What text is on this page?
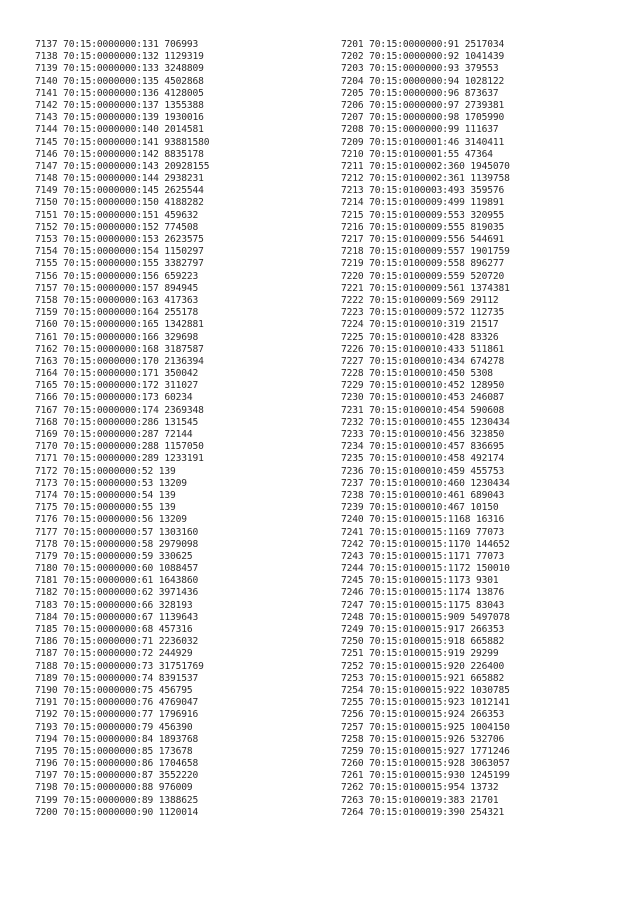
7137 70:15:0000000:131 706993
7138 70:15:0000000:132 1129319
7139 70:15:0000000:133 3248809
7140 70:15:0000000:135 4502868
7141 70:15:0000000:136 4128005
7142 70:15:0000000:137 1355388
7143 70:15:0000000:139 1930016
7144 70:15:0000000:140 2014581
7145 70:15:0000000:141 93881580
7146 70:15:0000000:142 8835178
7147 70:15:0000000:143 20928155
7148 70:15:0000000:144 2938231
7149 70:15:0000000:145 2625544
7150 70:15:0000000:150 4188282
7151 70:15:0000000:151 459632
7152 70:15:0000000:152 774508
7153 70:15:0000000:153 2623575
7154 70:15:0000000:154 1150297
7155 70:15:0000000:155 3382797
7156 70:15:0000000:156 659223
7157 70:15:0000000:157 894945
7158 70:15:0000000:163 417363
7159 70:15:0000000:164 255178
7160 70:15:0000000:165 1342881
7161 70:15:0000000:166 329698
7162 70:15:0000000:168 3187587
7163 70:15:0000000:170 2136394
7164 70:15:0000000:171 350042
7165 70:15:0000000:172 311027
7166 70:15:0000000:173 60234
7167 70:15:0000000:174 2369348
7168 70:15:0000000:286 131545
7169 70:15:0000000:287 72144
7170 70:15:0000000:288 1157050
7171 70:15:0000000:289 1233191
7172 70:15:0000000:52 139
7173 70:15:0000000:53 13209
7174 70:15:0000000:54 139
7175 70:15:0000000:55 139
7176 70:15:0000000:56 13209
7177 70:15:0000000:57 1303160
7178 70:15:0000000:58 2979098
7179 70:15:0000000:59 330625
7180 70:15:0000000:60 1088457
7181 70:15:0000000:61 1643860
7182 70:15:0000000:62 3971436
7183 70:15:0000000:66 328193
7184 70:15:0000000:67 1139643
7185 70:15:0000000:68 457316
7186 70:15:0000000:71 2236032
7187 70:15:0000000:72 244929
7188 70:15:0000000:73 31751769
7189 70:15:0000000:74 8391537
7190 70:15:0000000:75 456795
7191 70:15:0000000:76 4769047
7192 70:15:0000000:77 1796916
7193 70:15:0000000:79 456390
7194 70:15:0000000:84 1893768
7195 70:15:0000000:85 173678
7196 70:15:0000000:86 1704658
7197 70:15:0000000:87 3552220
7198 70:15:0000000:88 976009
7199 70:15:0000000:89 1388625
7200 70:15:0000000:90 1120014
7201 70:15:0000000:91 2517034
7202 70:15:0000000:92 1041439
7203 70:15:0000000:93 379553
7204 70:15:0000000:94 1028122
7205 70:15:0000000:96 873637
7206 70:15:0000000:97 2739381
7207 70:15:0000000:98 1705990
7208 70:15:0000000:99 111637
7209 70:15:0100001:46 3140411
7210 70:15:0100001:55 47364
7211 70:15:0100002:360 1945070
7212 70:15:0100002:361 1139758
7213 70:15:0100003:493 359576
7214 70:15:0100009:499 119891
7215 70:15:0100009:553 320955
7216 70:15:0100009:555 819035
7217 70:15:0100009:556 544691
7218 70:15:0100009:557 1901759
7219 70:15:0100009:558 896277
7220 70:15:0100009:559 520720
7221 70:15:0100009:561 1374381
7222 70:15:0100009:569 29112
7223 70:15:0100009:572 112735
7224 70:15:0100010:319 21517
7225 70:15:0100010:428 83326
7226 70:15:0100010:433 511861
7227 70:15:0100010:434 674278
7228 70:15:0100010:450 5308
7229 70:15:0100010:452 128950
7230 70:15:0100010:453 246087
7231 70:15:0100010:454 590608
7232 70:15:0100010:455 1230434
7233 70:15:0100010:456 323850
7234 70:15:0100010:457 836695
7235 70:15:0100010:458 492174
7236 70:15:0100010:459 455753
7237 70:15:0100010:460 1230434
7238 70:15:0100010:461 689043
7239 70:15:0100010:467 10150
7240 70:15:0100015:1168 16316
7241 70:15:0100015:1169 77073
7242 70:15:0100015:1170 144652
7243 70:15:0100015:1171 77073
7244 70:15:0100015:1172 150010
7245 70:15:0100015:1173 9301
7246 70:15:0100015:1174 13876
7247 70:15:0100015:1175 83043
7248 70:15:0100015:909 5497078
7249 70:15:0100015:917 266353
7250 70:15:0100015:918 665882
7251 70:15:0100015:919 29299
7252 70:15:0100015:920 226400
7253 70:15:0100015:921 665882
7254 70:15:0100015:922 1030785
7255 70:15:0100015:923 1012141
7256 70:15:0100015:924 266353
7257 70:15:0100015:925 1004150
7258 70:15:0100015:926 532706
7259 70:15:0100015:927 1771246
7260 70:15:0100015:928 3063057
7261 70:15:0100015:930 1245199
7262 70:15:0100015:954 13732
7263 70:15:0100019:383 21701
7264 70:15:0100019:390 254321
